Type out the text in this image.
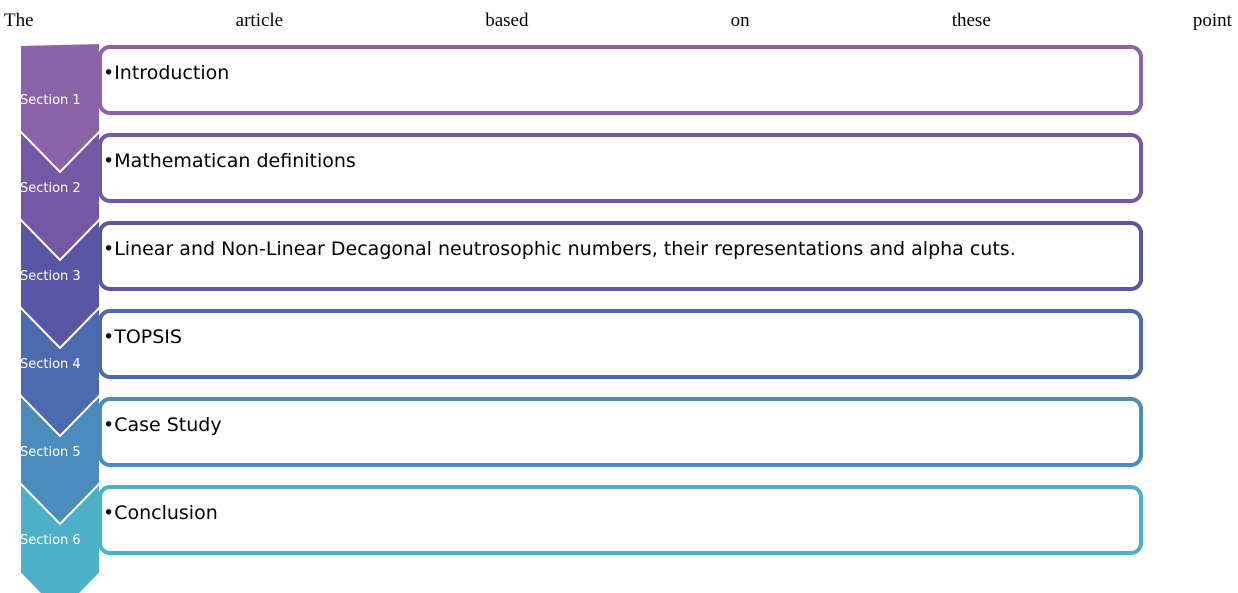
The	article	based	on	these	point
•Introduction
Section 1
•Mathematican definitions
Section 2
•Linear and Non-Linear Decagonal neutrosophic numbers, their representations and alpha cuts.
Section 3
•TOPSIS
Section 4
•Case Study
Section 5
•Conclusion
Section 6
